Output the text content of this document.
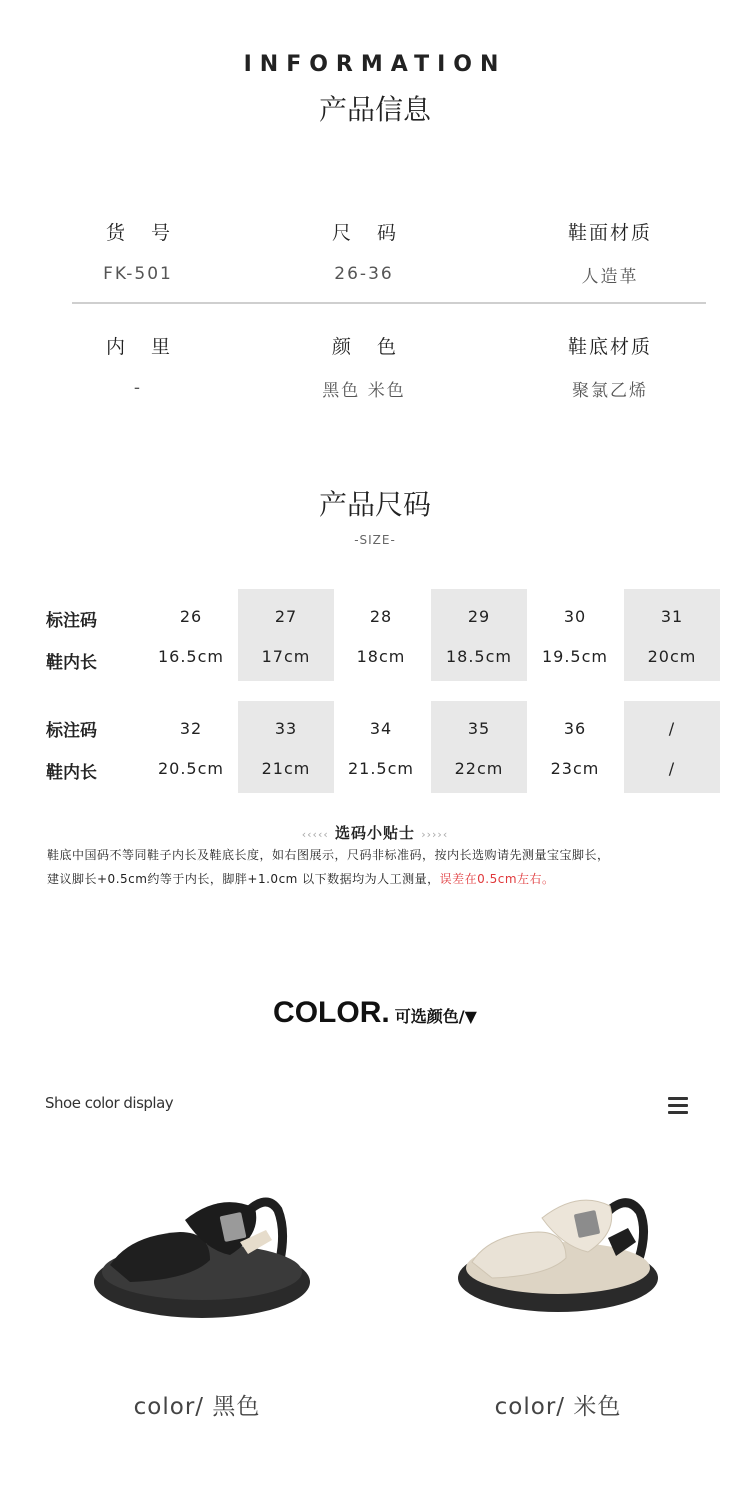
INFORMATION
产品信息
货号
FK-501
尺码
26-36
鞋面材质
人造革
内里
-
颜色
黑色 米色
鞋底材质
聚氯乙烯
产品尺码
-SIZE-
标注码
鞋内长
26
16.5cm
27
17cm
28
18cm
29
18.5cm
30
19.5cm
31
20cm
标注码
鞋内长
32
20.5cm
33
21cm
34
21.5cm
35
22cm
36
23cm
/
/
‹‹‹‹‹ 选码小贴士 ››››‹
鞋底中国码不等同鞋子内长及鞋底长度，如右图展示，尺码非标准码，按内长选购请先测量宝宝脚长，
建议脚长+0.5cm约等于内长，脚胖+1.0cm 以下数据均为人工测量，误差在0.5cm左右。
COLOR. 可选颜色/▼
Shoe color display
color/ 黑色	color/ 米色
